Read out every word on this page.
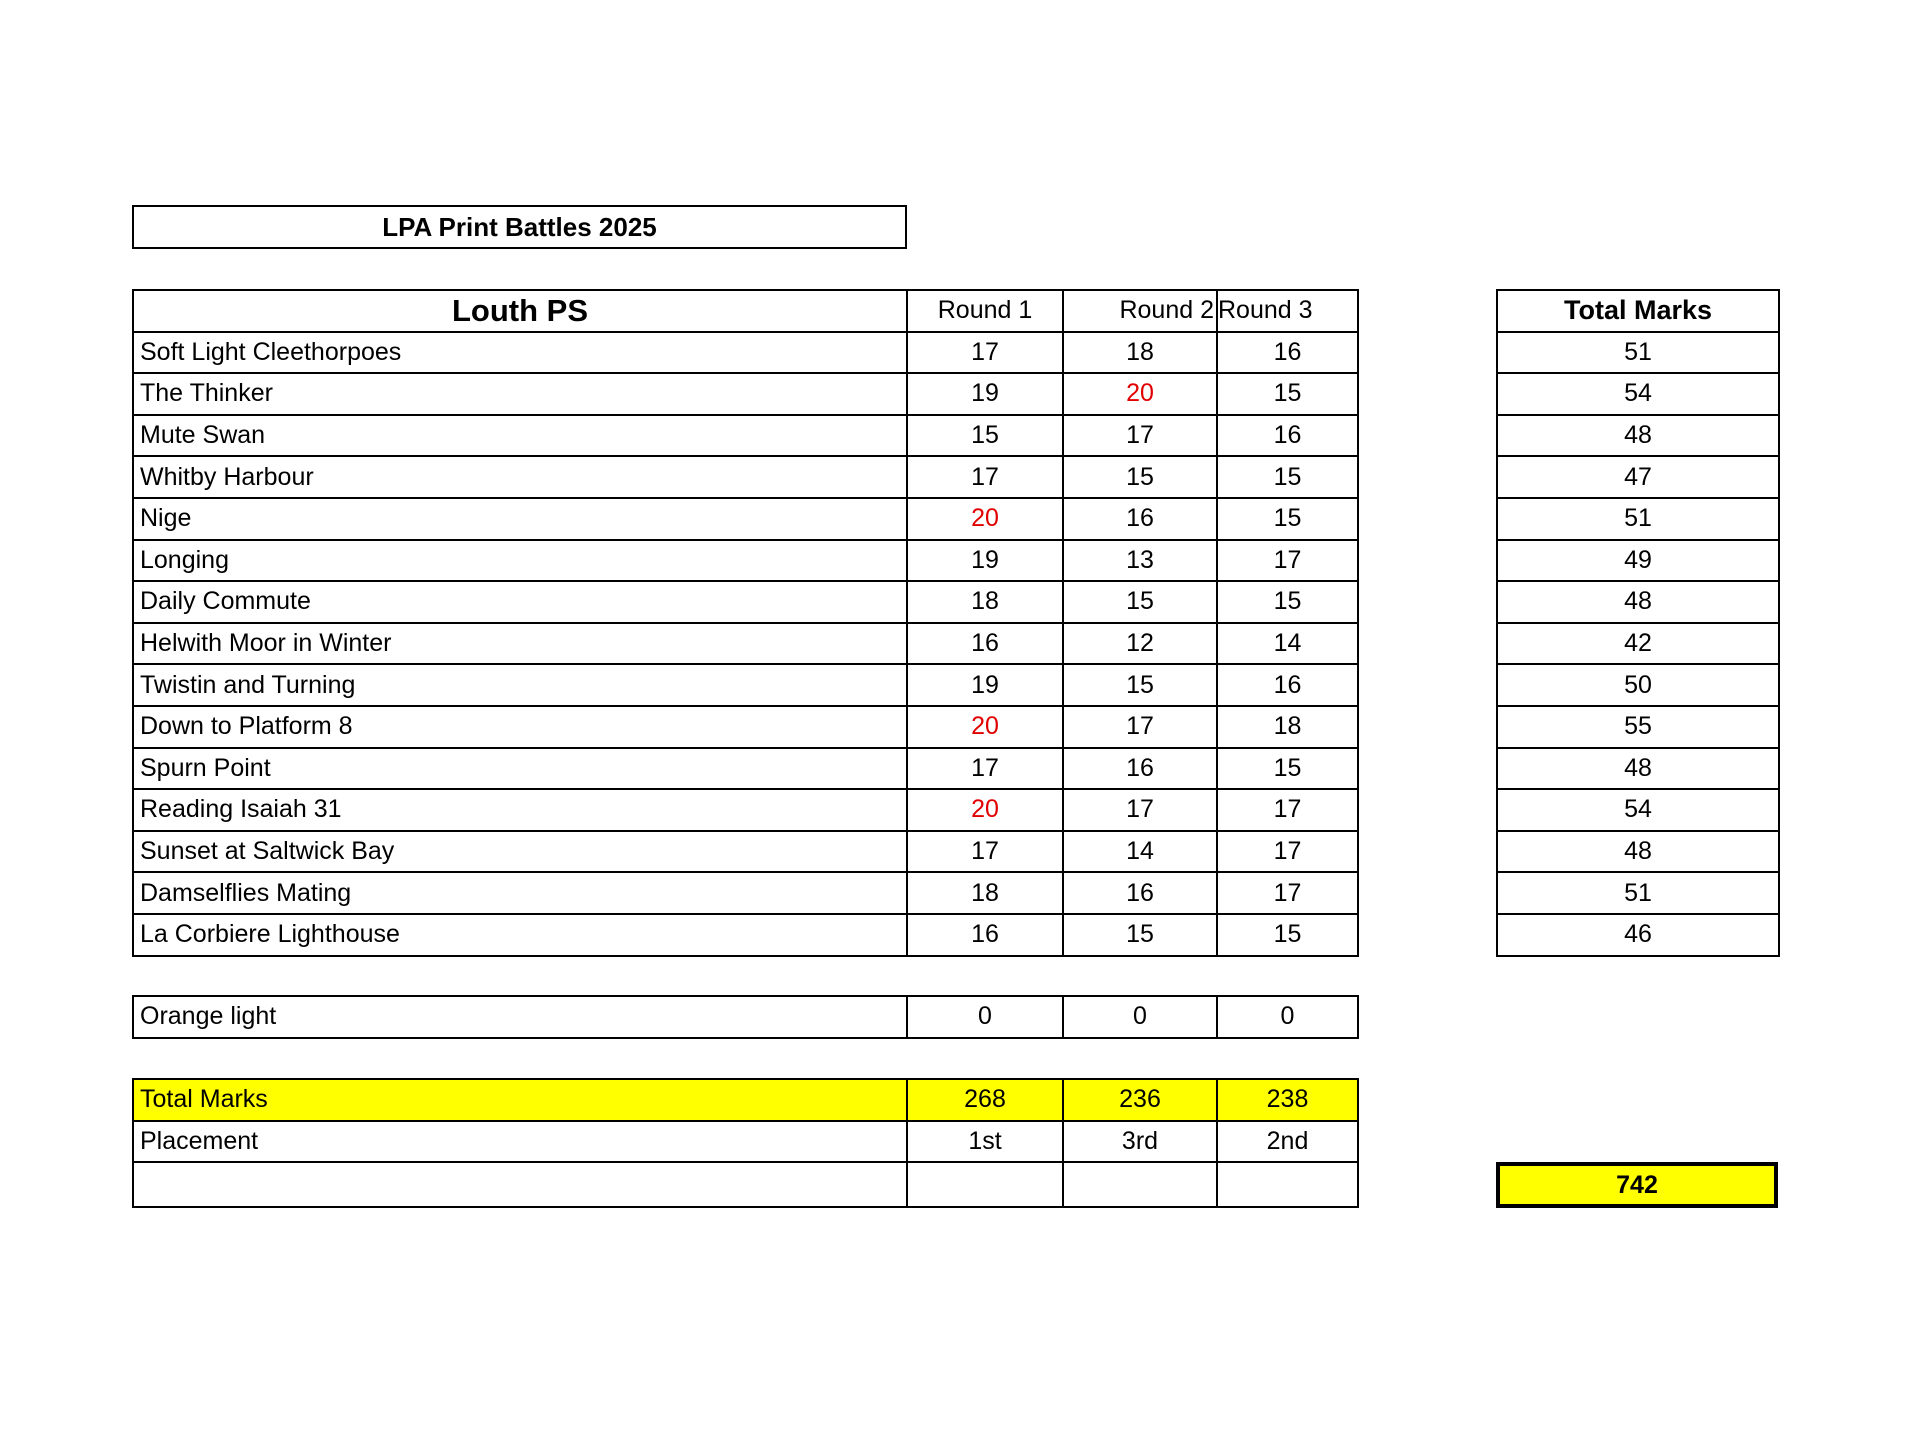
LPA Print Battles 2025
Louth PS	Round 1	Round 2	Round 3
Soft Light Cleethorpoes	17	18	16
The Thinker	19	20	15
Mute Swan	15	17	16
Whitby Harbour	17	15	15
Nige	20	16	15
Longing	19	13	17
Daily Commute	18	15	15
Helwith Moor in Winter	16	12	14
Twistin and Turning	19	15	16
Down to Platform 8	20	17	18
Spurn Point	17	16	15
Reading Isaiah 31	20	17	17
Sunset at Saltwick Bay	17	14	17
Damselflies Mating	18	16	17
La Corbiere Lighthouse	16	15	15
Total Marks
51
54
48
47
51
49
48
42
50
55
48
54
48
51
46
Orange light	0	0	0
Total Marks	268	236	238
Placement	1st	3rd	2nd

742
